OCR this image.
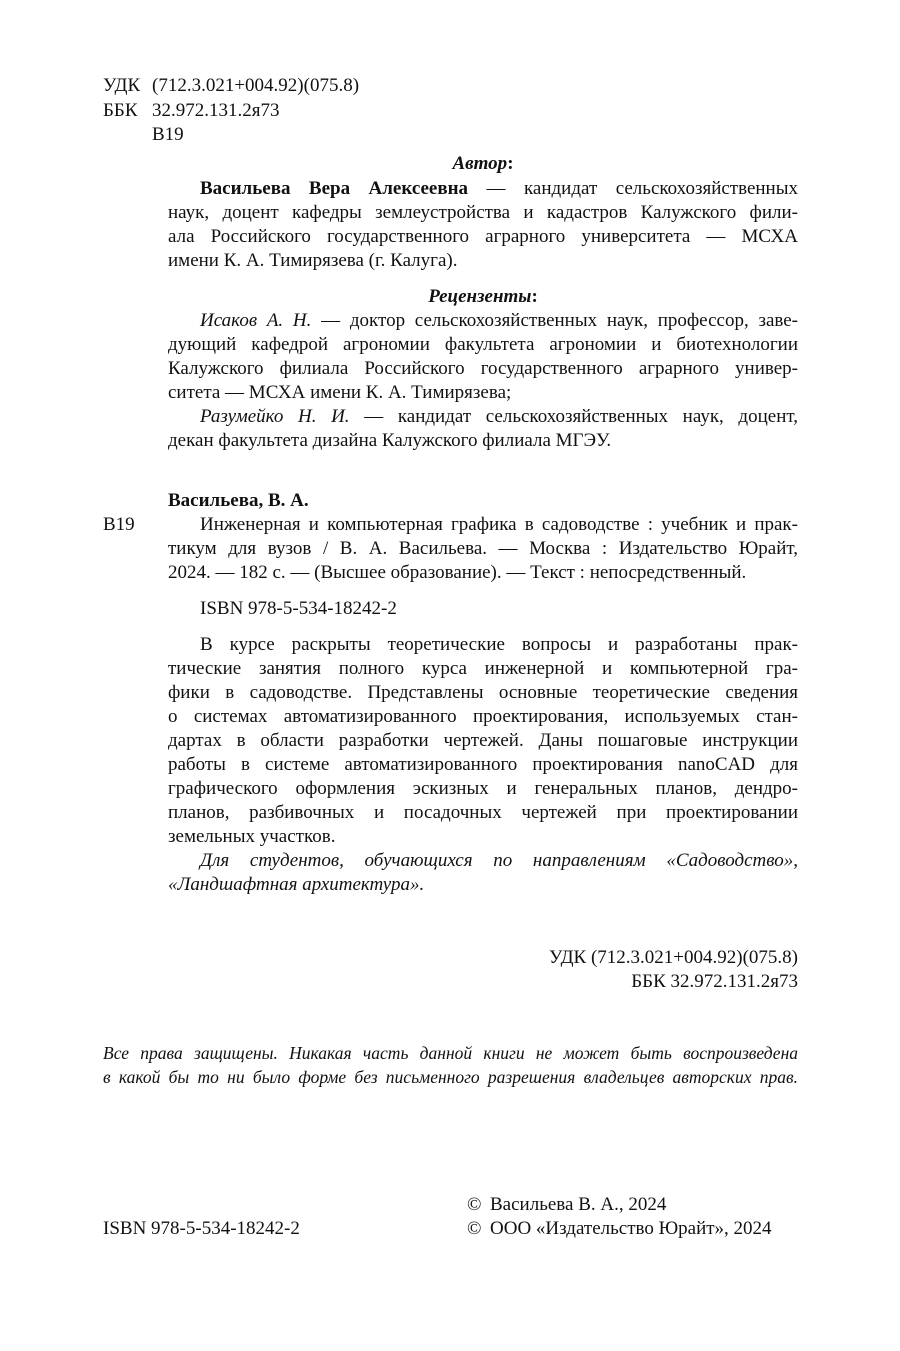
УДК (712.3.021+004.92)(075.8)
ББК 32.972.131.2я73
В19
Автор:
Васильева Вера Алексеевна — кандидат сельскохозяйственных
наук, доцент кафедры землеустройства и кадастров Калужского фили-
ала Российского государственного аграрного университета — МСХА
имени К. А. Тимирязева (г. Калуга).
Рецензенты:
Исаков А. Н. — доктор сельскохозяйственных наук, профессор, заве-
дующий кафедрой агрономии факультета агрономии и биотехнологии
Калужского филиала Российского государственного аграрного универ-
ситета — МСХА имени К. А. Тимирязева;
Разумейко Н. И. — кандидат сельскохозяйственных наук, доцент,
декан факультета дизайна Калужского филиала МГЭУ.
Васильева, В. А.
В19	Инженерная и компьютерная графика в садоводстве : учебник и прак-
тикум для вузов / В. А. Васильева. — Москва : Издательство Юрайт,
2024. — 182 с. — (Высшее образование). — Текст : непосредственный.
ISBN 978-5-534-18242-2
В курсе раскрыты теоретические вопросы и разработаны прак-
тические занятия полного курса инженерной и компьютерной гра-
фики в садоводстве. Представлены основные теоретические сведения
о системах автоматизированного проектирования, используемых стан-
дартах в области разработки чертежей. Даны пошаговые инструкции
работы в системе автоматизированного проектирования nanoCAD для
графического оформления эскизных и генеральных планов, дендро-
планов, разбивочных и посадочных чертежей при проектировании
земельных участков.
Для студентов, обучающихся по направлениям «Садоводство»,
«Ландшафтная архитектура».
УДК (712.3.021+004.92)(075.8)
ББК 32.972.131.2я73
Все права защищены. Никакая часть данной книги не может быть воспроизведена
в какой бы то ни было форме без письменного разрешения владельцев авторских прав.
© Васильева В. А., 2024
ISBN 978-5-534-18242-2	© ООО «Издательство Юрайт», 2024
